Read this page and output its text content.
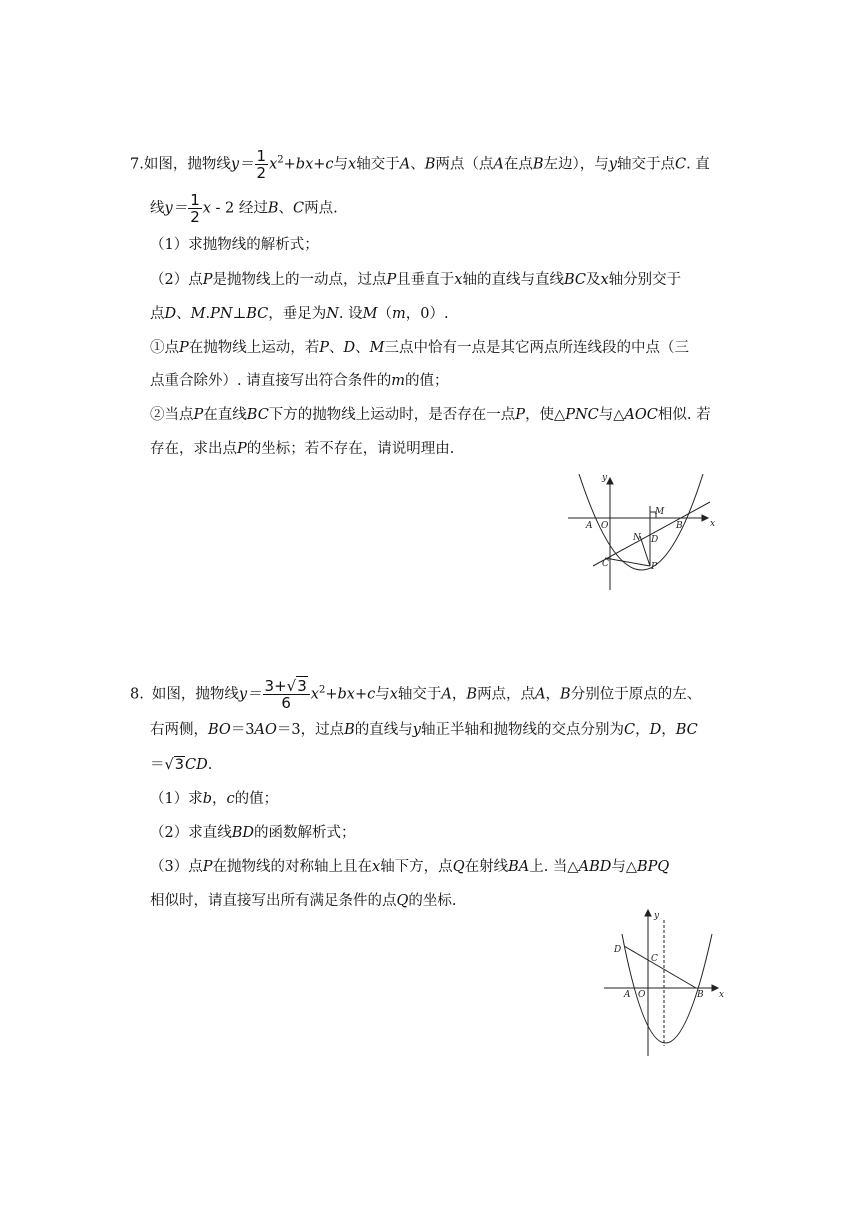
7.如图，抛物线$y= \frac{1}{2} x^2+bx+c$与x轴交于A、B两点（点A在点B左边），与y轴交于点C. 直
线$y= \frac{1}{2}$ x - 2 经过B、C两点.
（1）求抛物线的解析式；
（2）点P是抛物线上的一动点，过点P且垂直于x轴的直线与直线BC及x轴分别交于
点D、M.PN⊥BC，垂足为N. 设M（m，0）.
①点P在抛物线上运动，若P、D、M三点中恰有一点是其它两点所连线段的中点（三
点重合除外）. 请直接写出符合条件的m的值；
②当点P在直线BC下方的抛物线上运动时，是否存在一点P，使△PNC与△AOC相似. 若
存在，求出点P的坐标；若不存在，请说明理由.
y
x
A O	B
C
D
M
N
P
8. 如图，抛物线$y= \frac{3+√3}{6} x^2+bx+c$与x轴交于A，B两点，点A，B分别位于原点的左、
右两侧，BO＝3AO＝3，过点B的直线与y轴正半轴和抛物线的交点分别为C，D，BC
＝√3CD.
（1）求b，c的值；
（2）求直线BD的函数解析式；
（3）点P在抛物线的对称轴上且在x轴下方，点Q在射线BA上. 当△ABD与△BPQ
相似时，请直接写出所有满足条件的点Q的坐标.
y
x
A O	B
C
D
